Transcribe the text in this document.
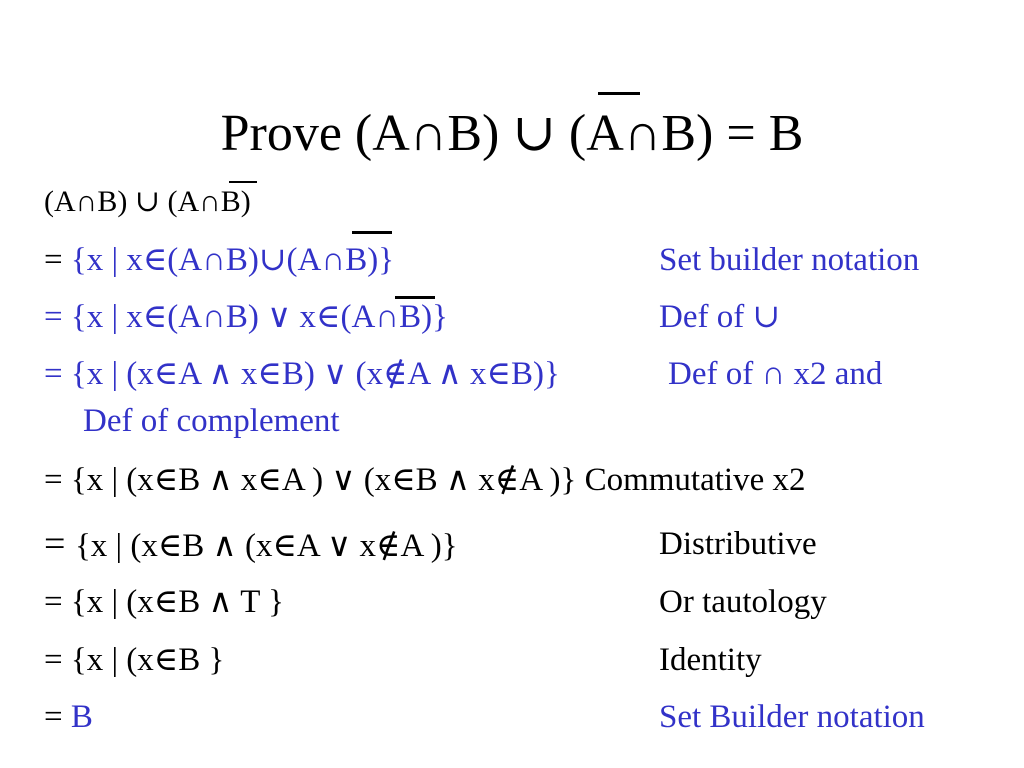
Prove (A∩B) ∪ (A∩B) = B
(A∩B) ∪ (A∩B)
= {x | x∈(A∩B)∪(A∩B)}	Set builder notation
= {x | x∈(A∩B) ∨ x∈(A∩B)}	Def of ∪
= {x | (x∈A ∧ x∈B) ∨ (x∉A ∧ x∈B)}	Def of ∩ x2 and
Def of complement
= {x | (x∈B ∧ x∈A ) ∨ (x∈B ∧ x∉A )} Commutative x2
= {x | (x∈B ∧ (x∈A ∨ x∉A )}	Distributive
= {x | (x∈B ∧ T }	Or tautology
= {x | (x∈B }	Identity
= B	Set Builder notation
